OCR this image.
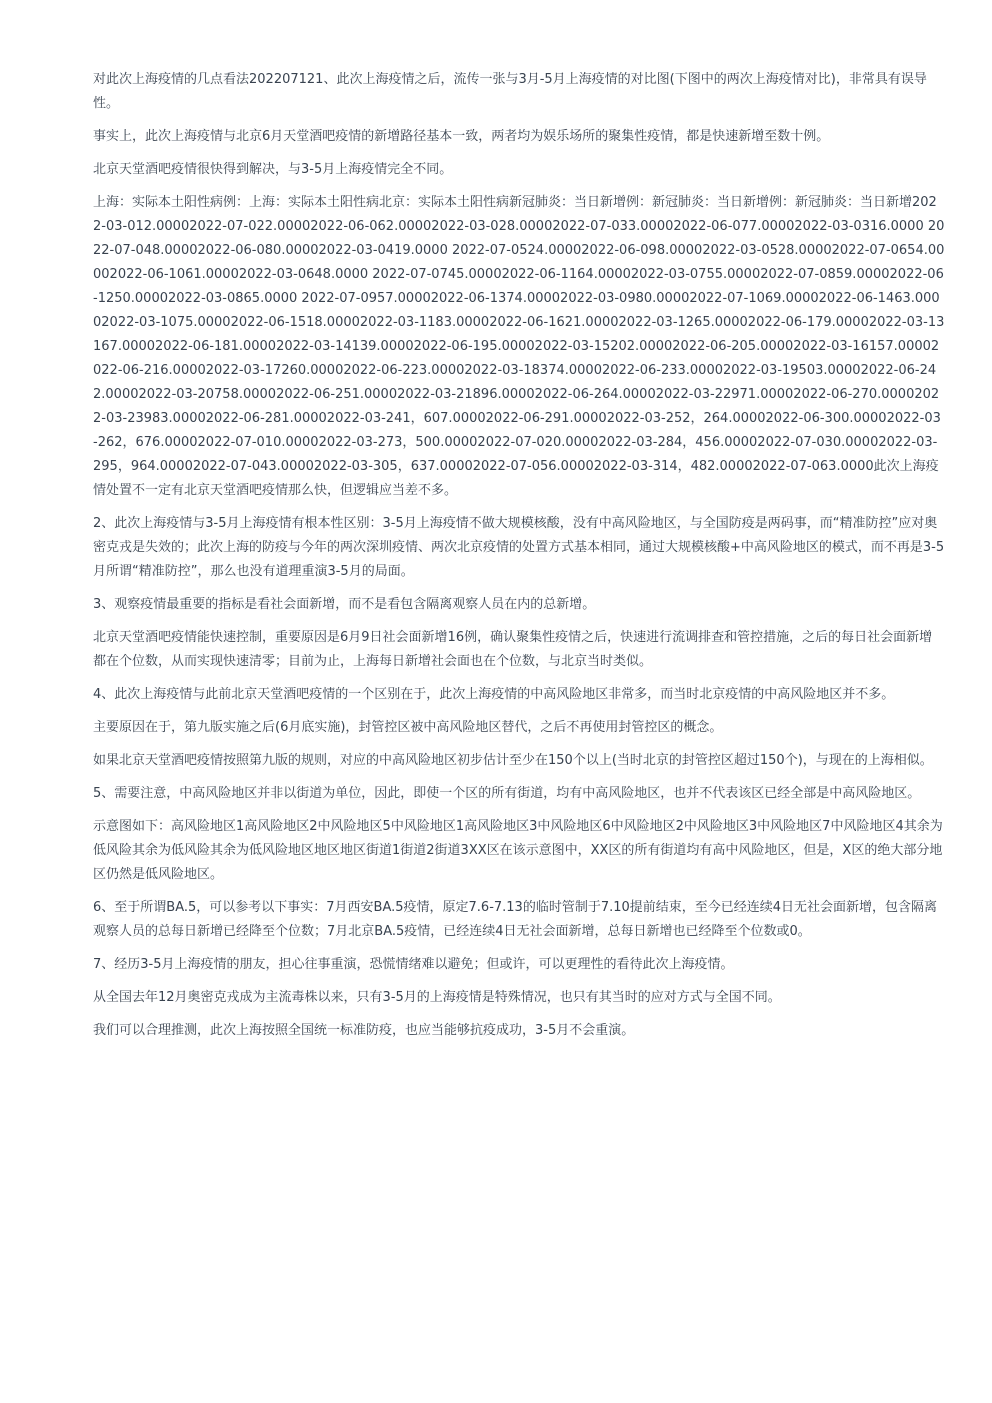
对此次上海疫情的几点看法202207121、此次上海疫情之后，流传一张与3月-5月上海疫情的对比图(下图中的两次上海疫情对比)，非常具有误导性。

事实上，此次上海疫情与北京6月天堂酒吧疫情的新增路径基本一致，两者均为娱乐场所的聚集性疫情，都是快速新增至数十例。

北京天堂酒吧疫情很快得到解决，与3-5月上海疫情完全不同。

上海：实际本土阳性病例：上海：实际本土阳性病北京：实际本土阳性病新冠肺炎：当日新增例：新冠肺炎：当日新增例：新冠肺炎：当日新增2022-03-012.00002022-07-022.00002022-06-062.00002022-03-028.00002022-07-033.00002022-06-077.00002022-03-0316.0000 2022-07-048.00002022-06-080.00002022-03-0419.0000 2022-07-0524.00002022-06-098.00002022-03-0528.00002022-07-0654.00002022-06-1061.00002022-03-0648.0000 2022-07-0745.00002022-06-1164.00002022-03-0755.00002022-07-0859.00002022-06-1250.00002022-03-0865.0000 2022-07-0957.00002022-06-1374.00002022-03-0980.00002022-07-1069.00002022-06-1463.00002022-03-1075.00002022-06-1518.00002022-03-1183.00002022-06-1621.00002022-03-1265.00002022-06-179.00002022-03-13167.00002022-06-181.00002022-03-14139.00002022-06-195.00002022-03-15202.00002022-06-205.00002022-03-16157.00002022-06-216.00002022-03-17260.00002022-06-223.00002022-03-18374.00002022-06-233.00002022-03-19503.00002022-06-242.00002022-03-20758.00002022-06-251.00002022-03-21896.00002022-06-264.00002022-03-22971.00002022-06-270.00002022-03-23983.00002022-06-281.00002022-03-241，607.00002022-06-291.00002022-03-252，264.00002022-06-300.00002022-03-262，676.00002022-07-010.00002022-03-273，500.00002022-07-020.00002022-03-284，456.00002022-07-030.00002022-03-295，964.00002022-07-043.00002022-03-305，637.00002022-07-056.00002022-03-314，482.00002022-07-063.0000此次上海疫情处置不一定有北京天堂酒吧疫情那么快，但逻辑应当差不多。

2、此次上海疫情与3-5月上海疫情有根本性区别：3-5月上海疫情不做大规模核酸，没有中高风险地区，与全国防疫是两码事，而“精准防控”应对奥密克戎是失效的；此次上海的防疫与今年的两次深圳疫情、两次北京疫情的处置方式基本相同，通过大规模核酸+中高风险地区的模式，而不再是3-5月所谓“精准防控”，那么也没有道理重演3-5月的局面。

3、观察疫情最重要的指标是看社会面新增，而不是看包含隔离观察人员在内的总新增。

北京天堂酒吧疫情能快速控制，重要原因是6月9日社会面新增16例，确认聚集性疫情之后，快速进行流调排查和管控措施，之后的每日社会面新增都在个位数，从而实现快速清零；目前为止，上海每日新增社会面也在个位数，与北京当时类似。

4、此次上海疫情与此前北京天堂酒吧疫情的一个区别在于，此次上海疫情的中高风险地区非常多，而当时北京疫情的中高风险地区并不多。

主要原因在于，第九版实施之后(6月底实施)，封管控区被中高风险地区替代，之后不再使用封管控区的概念。

如果北京天堂酒吧疫情按照第九版的规则，对应的中高风险地区初步估计至少在150个以上(当时北京的封管控区超过150个)，与现在的上海相似。

5、需要注意，中高风险地区并非以街道为单位，因此，即使一个区的所有街道，均有中高风险地区，也并不代表该区已经全部是中高风险地区。

示意图如下：高风险地区1高风险地区2中风险地区5中风险地区1高风险地区3中风险地区6中风险地区2中风险地区3中风险地区7中风险地区4其余为低风险其余为低风险其余为低风险地区地区地区街道1街道2街道3XX区在该示意图中，XX区的所有街道均有高中风险地区，但是，X区的绝大部分地区仍然是低风险地区。

6、至于所谓BA.5，可以参考以下事实：7月西安BA.5疫情，原定7.6-7.13的临时管制于7.10提前结束，至今已经连续4日无社会面新增，包含隔离观察人员的总每日新增已经降至个位数；7月北京BA.5疫情，已经连续4日无社会面新增，总每日新增也已经降至个位数或0。

7、经历3-5月上海疫情的朋友，担心往事重演，恐慌情绪难以避免；但或许，可以更理性的看待此次上海疫情。

从全国去年12月奥密克戎成为主流毒株以来，只有3-5月的上海疫情是特殊情况，也只有其当时的应对方式与全国不同。

我们可以合理推测，此次上海按照全国统一标准防疫，也应当能够抗疫成功，3-5月不会重演。
